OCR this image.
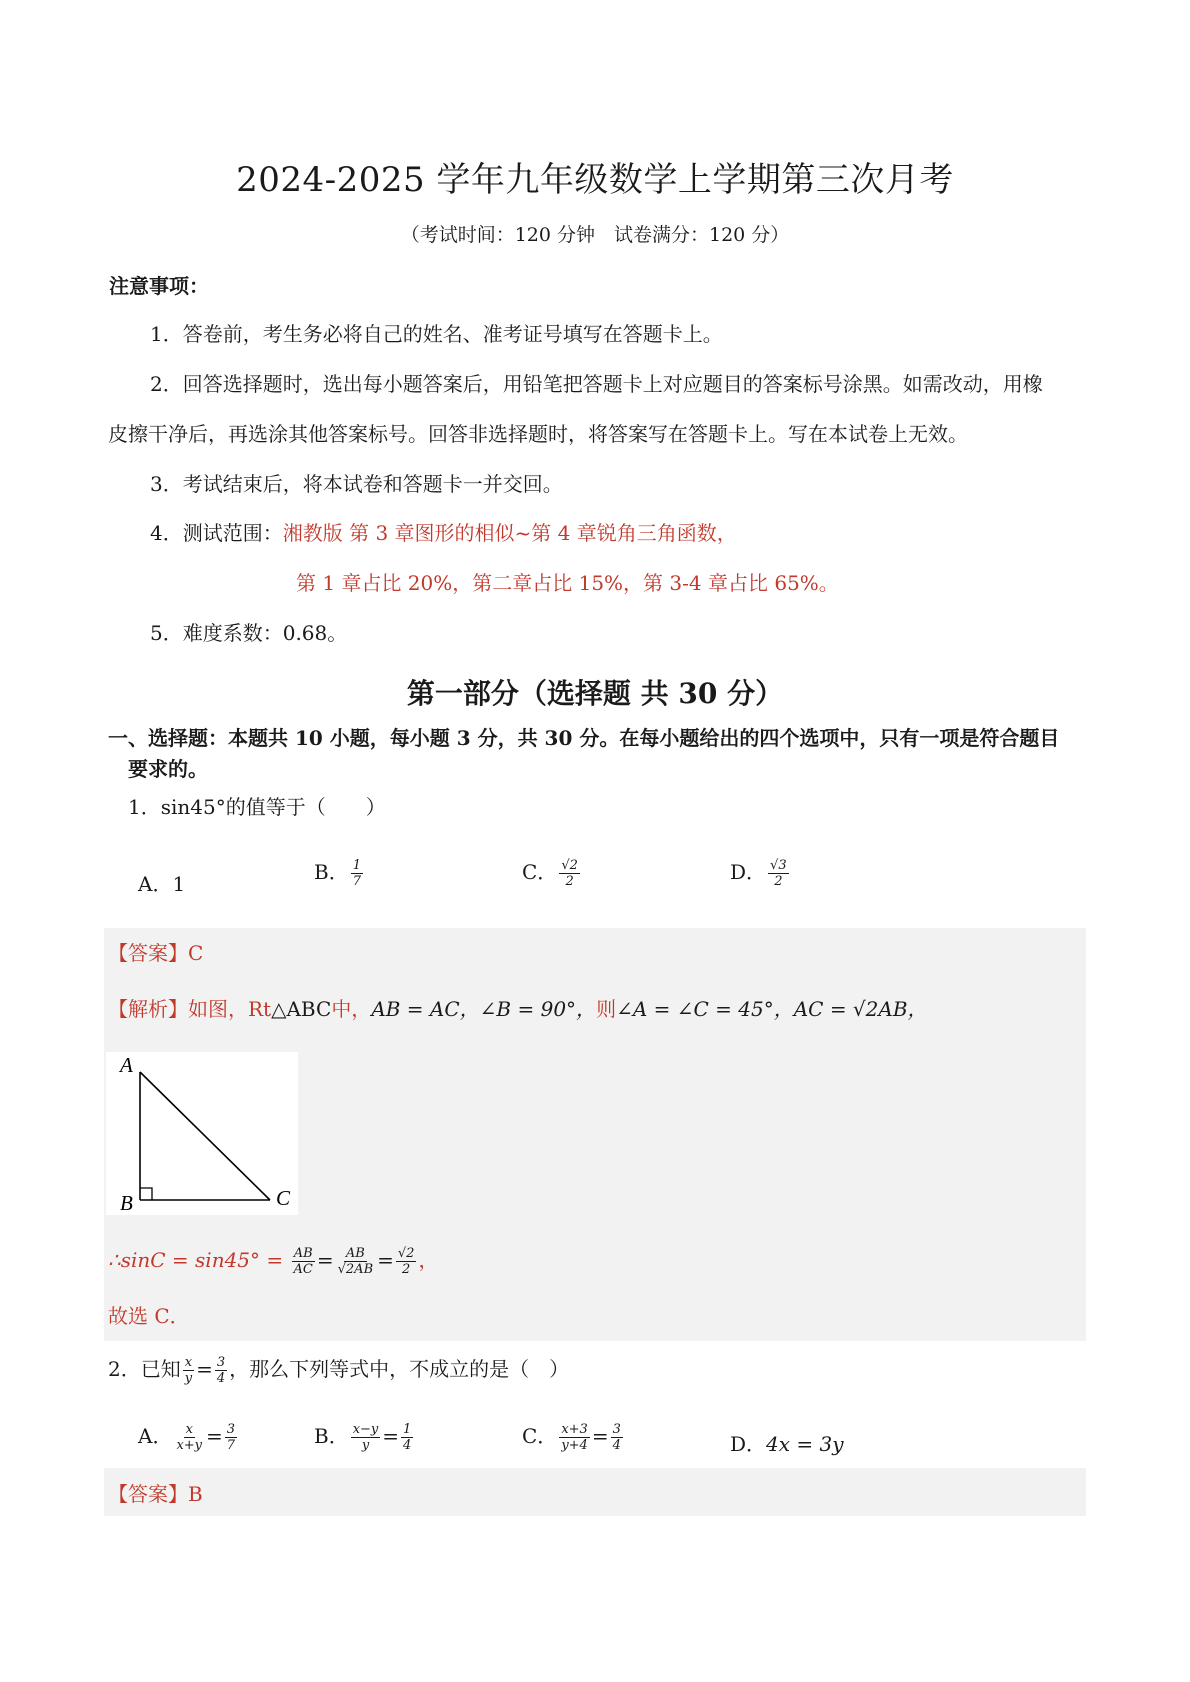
2024-2025 学年九年级数学上学期第三次月考
（考试时间：120 分钟　试卷满分：120 分）
注意事项：
1．答卷前，考生务必将自己的姓名、准考证号填写在答题卡上。
2．回答选择题时，选出每小题答案后，用铅笔把答题卡上对应题目的答案标号涂黑。如需改动，用橡
皮擦干净后，再选涂其他答案标号。回答非选择题时，将答案写在答题卡上。写在本试卷上无效。
3．考试结束后，将本试卷和答题卡一并交回。
4．测试范围：湘教版 第 3 章图形的相似~第 4 章锐角三角函数，
第 1 章占比 20%，第二章占比 15%，第 3-4 章占比 65%。
5．难度系数：0.68。
第一部分（选择题 共 30 分）
一、选择题：本题共 10 小题，每小题 3 分，共 30 分。在每小题给出的四个选项中，只有一项是符合题目
要求的。
1．sin45°的值等于（　　）
A．1	B． $\frac{1}{7}$	C． $\frac{√2}{2}$	D． $\frac{√3}{2}$
【答案】C
【解析】如图，Rt△ABC中，AB = AC，∠B = 90°，则∠A = ∠C = 45°，AC = √2AB，
A
B	C
∴sinC = $\sin 45^\circ = \frac{AB}{AC} = \frac{AB}{√2AB} = \frac{√2}{2}$ ，
故选 C．
2．已知 $\frac{x}{y} = \frac{3}{4}$ ，那么下列等式中，不成立的是（　）
A． $\frac{x}{x+y} = \frac{3}{7}$	B． $\frac{x-y}{y} = \frac{1}{4}$	C． $\frac{x+3}{y+4} = \frac{3}{4}$	D．4x = 3y
【答案】B
